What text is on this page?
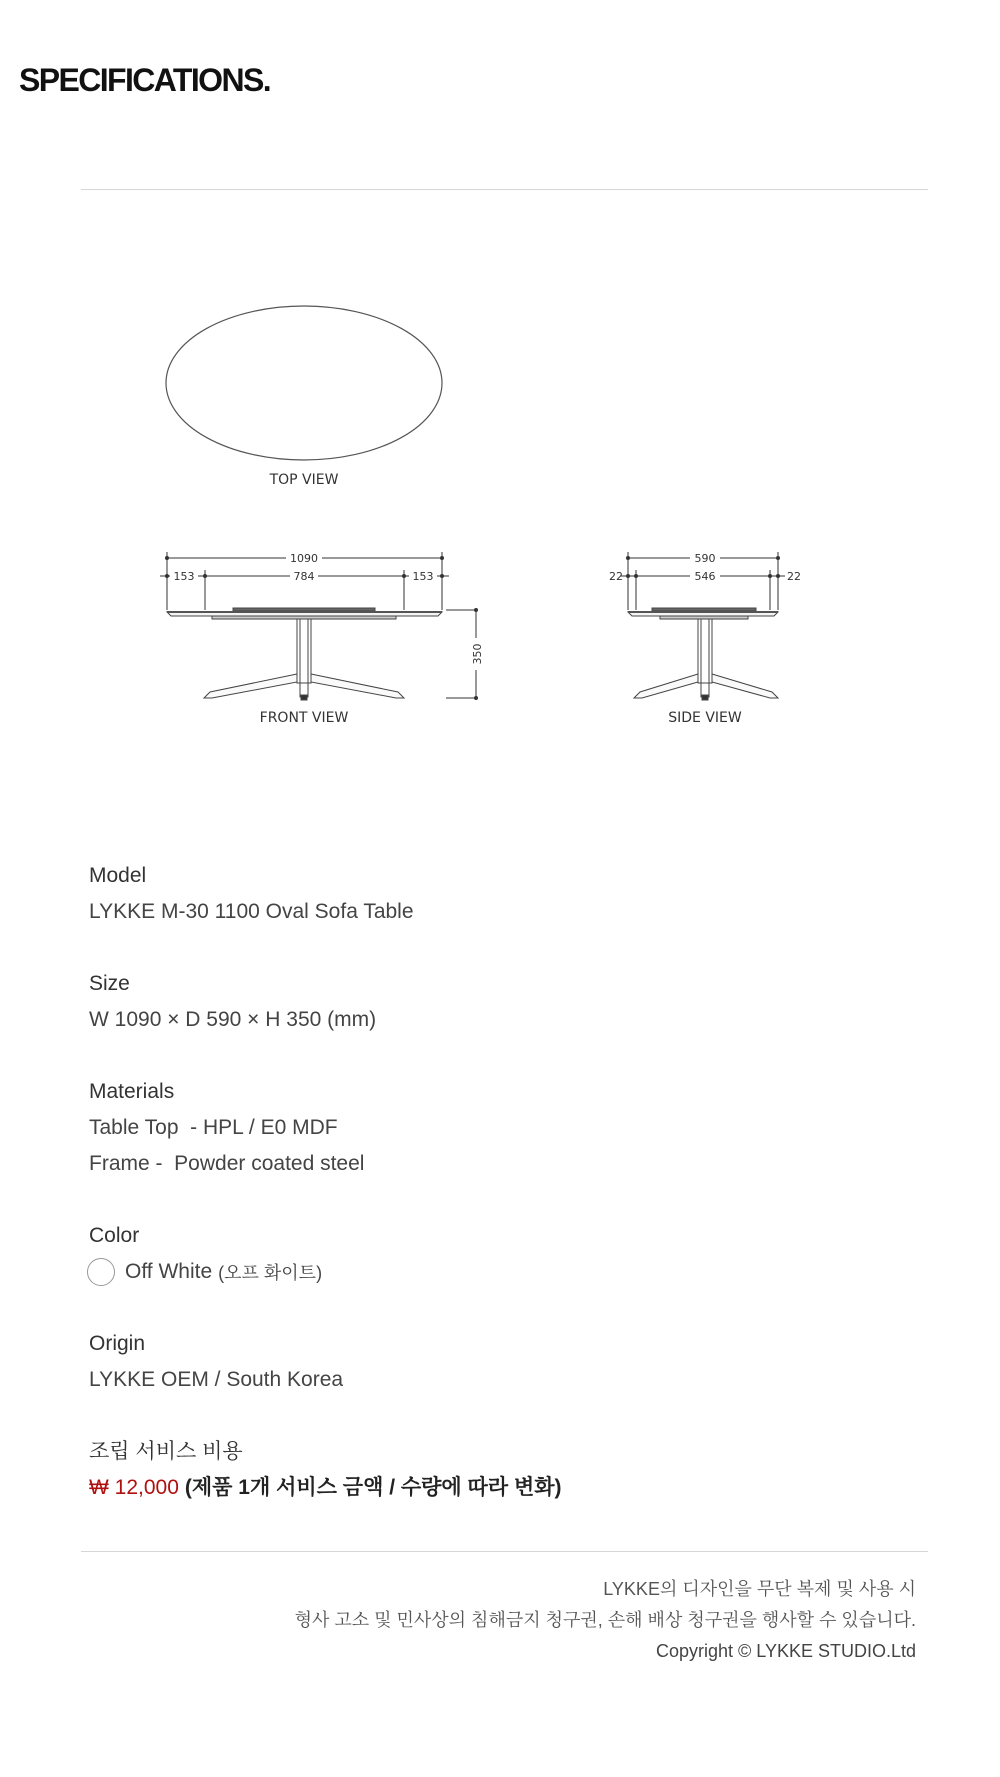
SPECIFICATIONS.
TOP VIEW
1090
153	784	153
350
FRONT VIEW
590
22	546	22
SIDE VIEW
Model
LYKKE M-30 1100 Oval Sofa Table
Size
W 1090 × D 590 × H 350 (mm)
Materials
Table Top  - HPL / E0 MDF
Frame -  Powder coated steel
Color
Off White (오프 화이트)
Origin
LYKKE OEM / South Korea
조립 서비스 비용
₩ 12,000 (제품 1개 서비스 금액 / 수량에 따라 변화)

LYKKE의 디자인을 무단 복제 및 사용 시

형사 고소 및 민사상의 침해금지 청구권, 손해 배상 청구권을 행사할 수 있습니다.

Copyright © LYKKE STUDIO.Ltd
